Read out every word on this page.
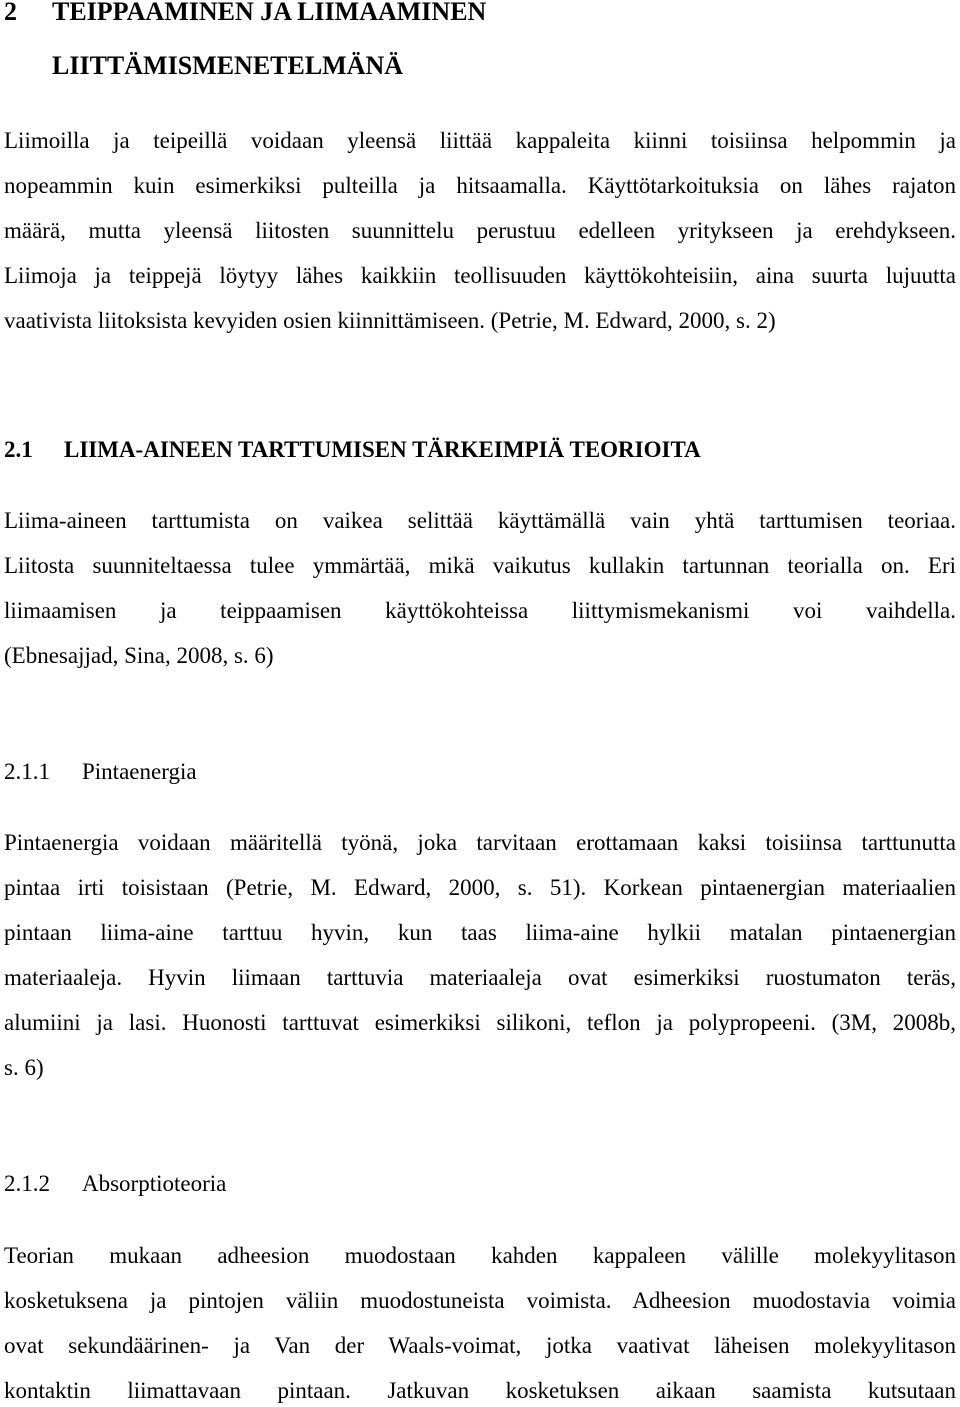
2 TEIPPAAMINEN JA LIIMAAMINEN
LIITTÄMISMENETELMÄNÄ
Liimoilla ja teipeillä voidaan yleensä liittää kappaleita kiinni toisiinsa helpommin ja
nopeammin kuin esimerkiksi pulteilla ja hitsaamalla. Käyttötarkoituksia on lähes rajaton
määrä, mutta yleensä liitosten suunnittelu perustuu edelleen yritykseen ja erehdykseen.
Liimoja ja teippejä löytyy lähes kaikkiin teollisuuden käyttökohteisiin, aina suurta lujuutta
vaativista liitoksista kevyiden osien kiinnittämiseen. (Petrie, M. Edward, 2000, s. 2)
2.1 LIIMA-AINEEN TARTTUMISEN TÄRKEIMPIÄ TEORIOITA
Liima-aineen tarttumista on vaikea selittää käyttämällä vain yhtä tarttumisen teoriaa.
Liitosta suunniteltaessa tulee ymmärtää, mikä vaikutus kullakin tartunnan teorialla on. Eri
liimaamisen ja teippaamisen käyttökohteissa liittymismekanismi voi vaihdella.
(Ebnesajjad, Sina, 2008, s. 6)
2.1.1 Pintaenergia
Pintaenergia voidaan määritellä työnä, joka tarvitaan erottamaan kaksi toisiinsa tarttunutta
pintaa irti toisistaan (Petrie, M. Edward, 2000, s. 51). Korkean pintaenergian materiaalien
pintaan liima-aine tarttuu hyvin, kun taas liima-aine hylkii matalan pintaenergian
materiaaleja. Hyvin liimaan tarttuvia materiaaleja ovat esimerkiksi ruostumaton teräs,
alumiini ja lasi. Huonosti tarttuvat esimerkiksi silikoni, teflon ja polypropeeni. (3M, 2008b,
s. 6)
2.1.2 Absorptioteoria
Teorian mukaan adheesion muodostaan kahden kappaleen välille molekyylitason
kosketuksena ja pintojen väliin muodostuneista voimista. Adheesion muodostavia voimia
ovat sekundäärinen- ja Van der Waals-voimat, jotka vaativat läheisen molekyylitason
kontaktin liimattavaan pintaan. Jatkuvan kosketuksen aikaan saamista kutsutaan
